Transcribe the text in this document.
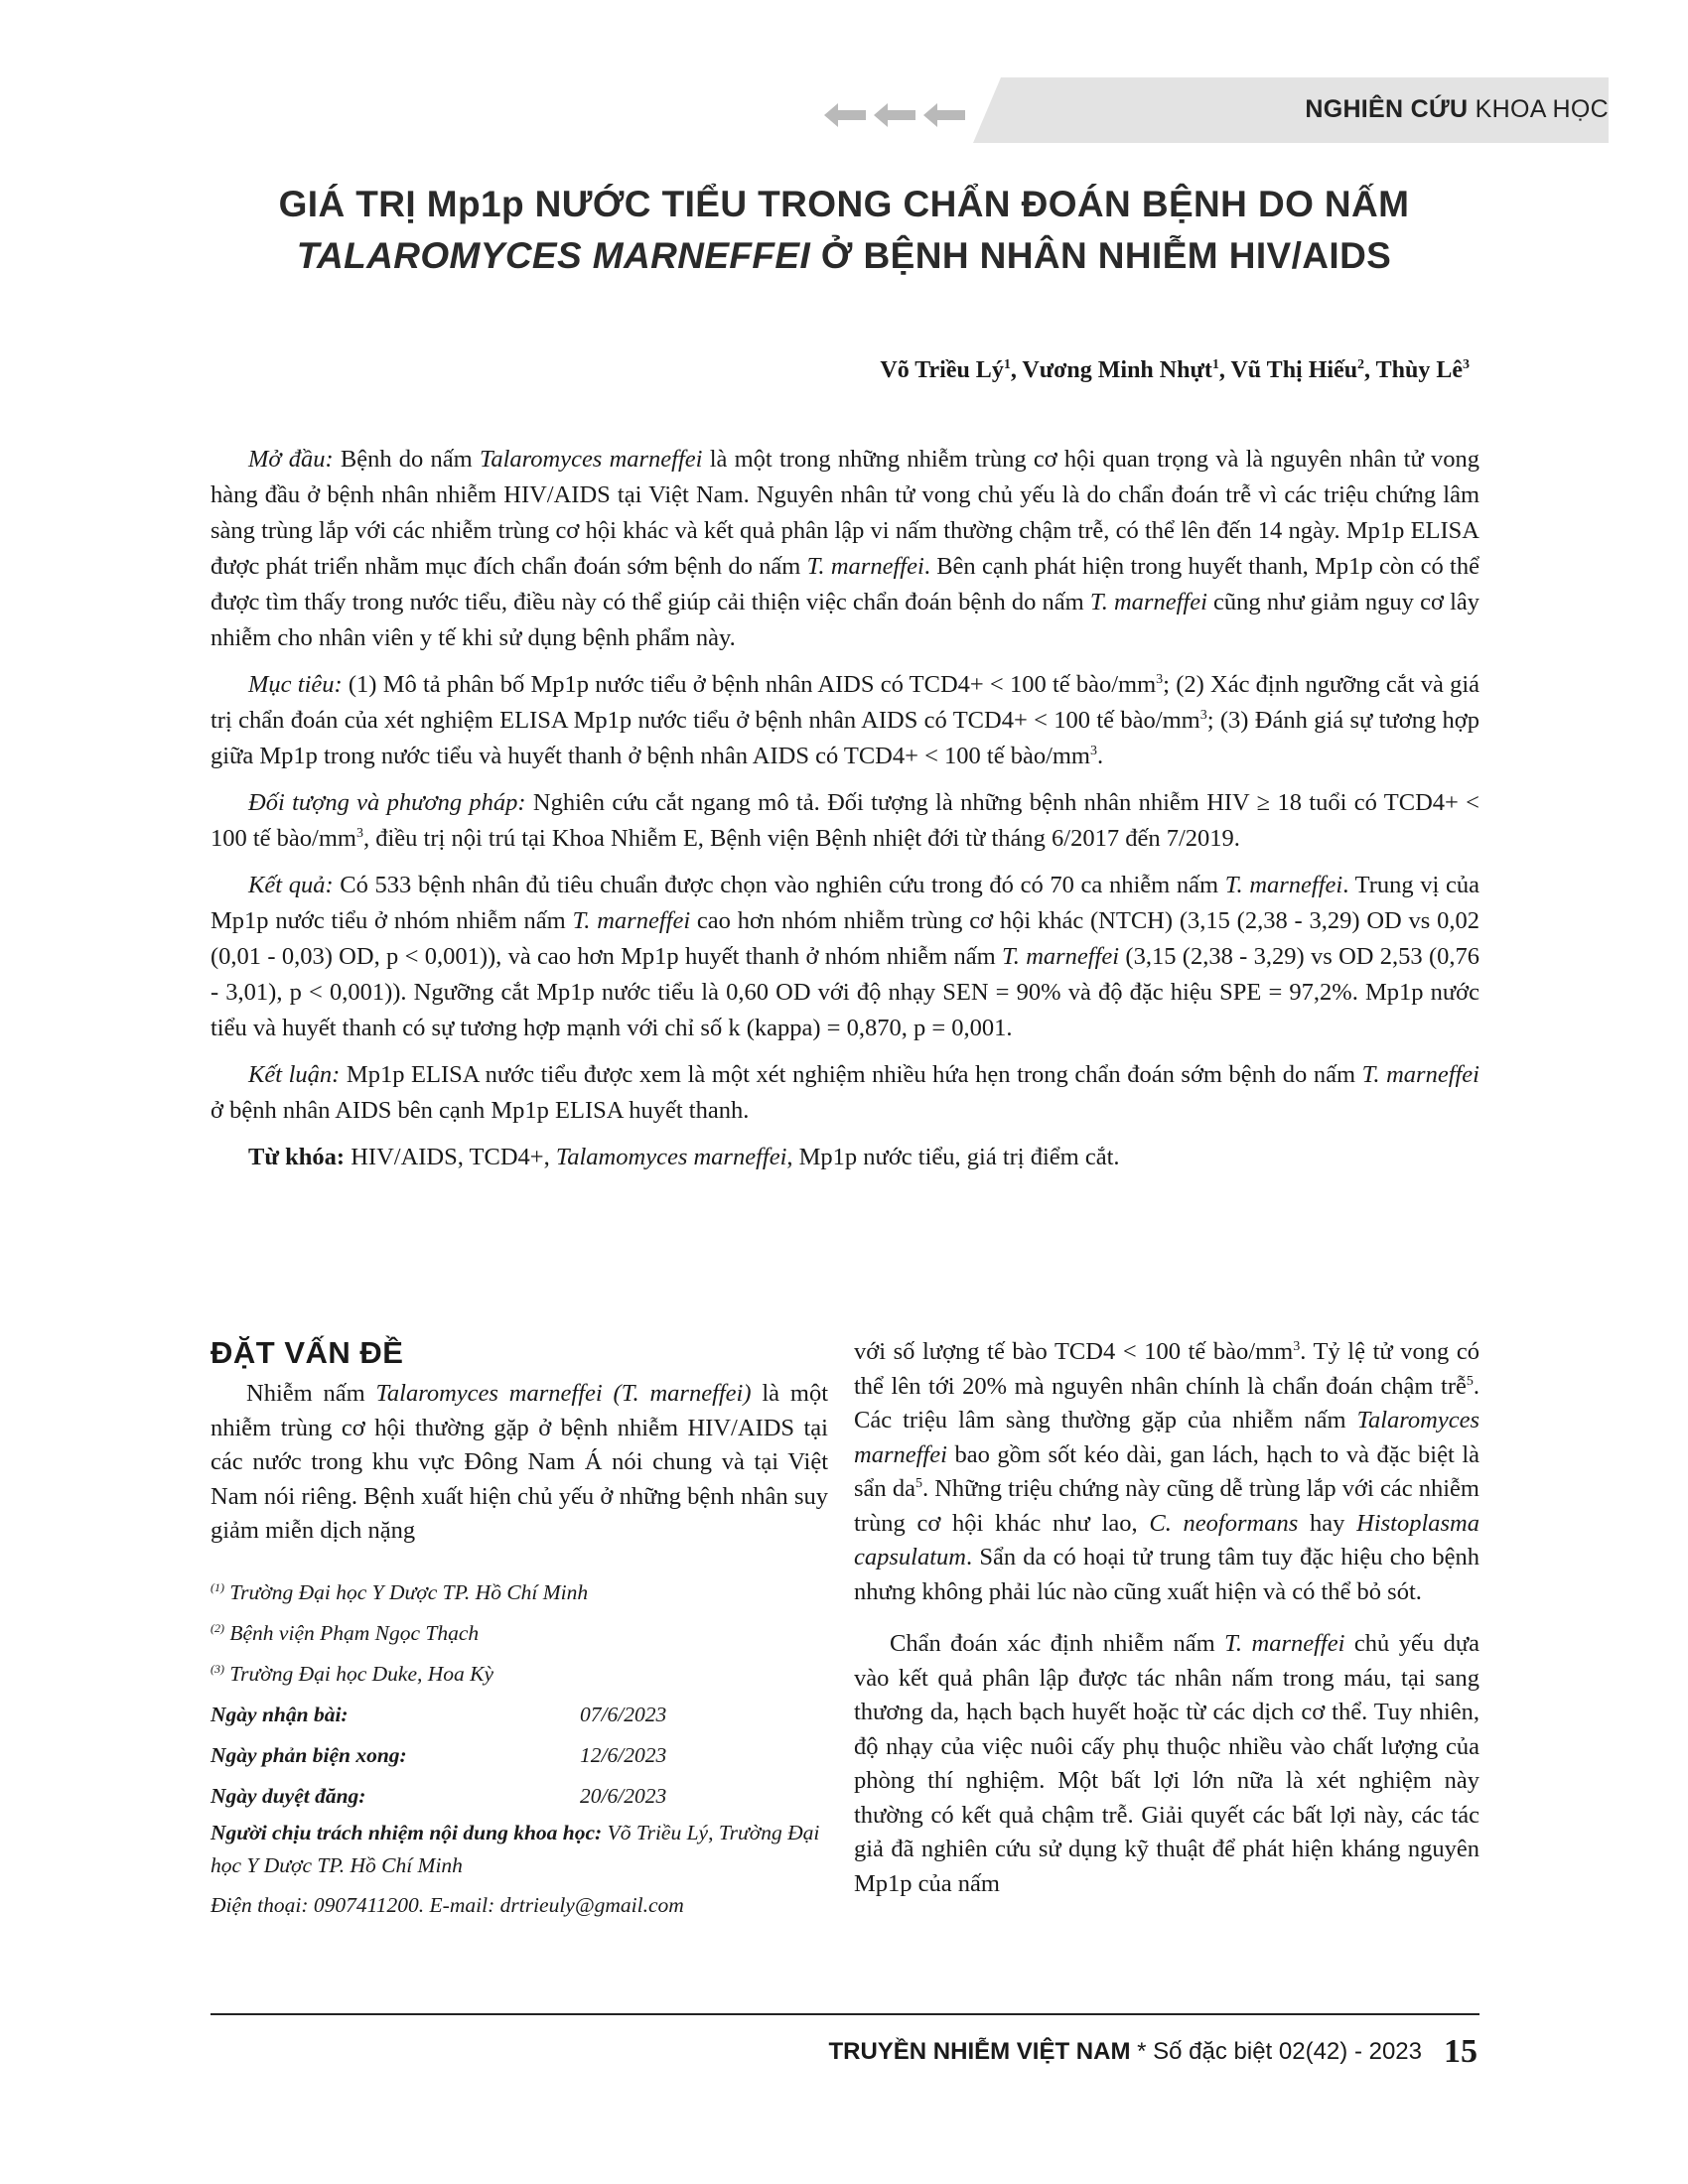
NGHIÊN CỨU KHOA HỌC
GIÁ TRỊ Mp1p NƯỚC TIỂU TRONG CHẨN ĐOÁN BỆNH DO NẤM
TALAROMYCES MARNEFFEI Ở BỆNH NHÂN NHIỄM HIV/AIDS
Võ Triều $Lý^1$, Vương Minh Nhựt$^1$, Vũ Thị Hiếu$^2$, Thùy $Lê^3$

Mở đầu: Bệnh do nấm Talaromyces marneffei là một trong những nhiễm trùng cơ hội quan trọng và là nguyên nhân tử vong hàng đầu ở bệnh nhân nhiễm HIV/AIDS tại Việt Nam. Nguyên nhân tử vong chủ yếu là do chẩn đoán trễ vì các triệu chứng lâm sàng trùng lắp với các nhiễm trùng cơ hội khác và kết quả phân lập vi nấm thường chậm trễ, có thể lên đến 14 ngày. Mp1p ELISA được phát triển nhằm mục đích chẩn đoán sớm bệnh do nấm T. marneffei. Bên cạnh phát hiện trong huyết thanh, Mp1p còn có thể được tìm thấy trong nước tiểu, điều này có thể giúp cải thiện việc chẩn đoán bệnh do nấm T. marneffei cũng như giảm nguy cơ lây nhiễm cho nhân viên y tế khi sử dụng bệnh phẩm này.

Mục tiêu: (1) Mô tả phân bố Mp1p nước tiểu ở bệnh nhân AIDS có TCD4+ < 100 tế bào/$mm^3$; (2) Xác định ngưỡng cắt và giá trị chẩn đoán của xét nghiệm ELISA Mp1p nước tiểu ở bệnh nhân AIDS có TCD4+ < 100 tế bào/$mm^3$; (3) Đánh giá sự tương hợp giữa Mp1p trong nước tiểu và huyết thanh ở bệnh nhân AIDS có TCD4+ < 100 tế bào/$mm^3$.

Đối tượng và phương pháp: Nghiên cứu cắt ngang mô tả. Đối tượng là những bệnh nhân nhiễm HIV ≥ 18 tuổi có TCD4+ < 100 tế bào/$mm^3$, điều trị nội trú tại Khoa Nhiễm E, Bệnh viện Bệnh nhiệt đới từ tháng 6/2017 đến 7/2019.

Kết quả: Có 533 bệnh nhân đủ tiêu chuẩn được chọn vào nghiên cứu trong đó có 70 ca nhiễm nấm T. marneffei. Trung vị của Mp1p nước tiểu ở nhóm nhiễm nấm T. marneffei cao hơn nhóm nhiễm trùng cơ hội khác (NTCH) (3,15 (2,38 - 3,29) OD vs 0,02 (0,01 - 0,03) OD, p < 0,001)), và cao hơn Mp1p huyết thanh ở nhóm nhiễm nấm T. marneffei (3,15 (2,38 - 3,29) vs OD 2,53 (0,76 - 3,01), p < 0,001)). Ngưỡng cắt Mp1p nước tiểu là 0,60 OD với độ nhạy SEN = 90% và độ đặc hiệu SPE = 97,2%. Mp1p nước tiểu và huyết thanh có sự tương hợp mạnh với chỉ số k (kappa) = 0,870, p = 0,001.

Kết luận: Mp1p ELISA nước tiểu được xem là một xét nghiệm nhiều hứa hẹn trong chẩn đoán sớm bệnh do nấm T. marneffei ở bệnh nhân AIDS bên cạnh Mp1p ELISA huyết thanh.

Từ khóa: HIV/AIDS, TCD4+, Talamomyces marneffei, Mp1p nước tiểu, giá trị điểm cắt.

ĐẶT VẤN ĐỀ

Nhiễm nấm Talaromyces marneffei (T. marneffei) là một nhiễm trùng cơ hội thường gặp ở bệnh nhiễm HIV/AIDS tại các nước trong khu vực Đông Nam Á nói chung và tại Việt Nam nói riêng. Bệnh xuất hiện chủ yếu ở những bệnh nhân suy giảm miễn dịch nặng

$^{(1)}$ Trường Đại học Y Dược TP. Hồ Chí Minh
$^{(2)}$ Bệnh viện Phạm Ngọc Thạch
$^{(3)}$ Trường Đại học Duke, Hoa Kỳ
Ngày nhận bài:	07/6/2023
Ngày phản biện xong:	12/6/2023
Ngày duyệt đăng:	20/6/2023
Người chịu trách nhiệm nội dung khoa học: Võ Triều Lý, Trường Đại học Y Dược TP. Hồ Chí Minh
Điện thoại: 0907411200. E-mail: drtrieuly@gmail.com

với số lượng tế bào TCD4 < 100 tế bào/$mm^3$. Tỷ lệ tử vong có thể lên tới 20% mà nguyên nhân chính là chẩn đoán chậm trễ$^5$. Các triệu lâm sàng thường gặp của nhiễm nấm Talaromyces marneffei bao gồm sốt kéo dài, gan lách, hạch to và đặc biệt là sẩn $da^5$. Những triệu chứng này cũng dễ trùng lắp với các nhiễm trùng cơ hội khác như lao, C. neoformans hay Histoplasma capsulatum. Sẩn da có hoại tử trung tâm tuy đặc hiệu cho bệnh nhưng không phải lúc nào cũng xuất hiện và có thể bỏ sót.

Chẩn đoán xác định nhiễm nấm T. marneffei chủ yếu dựa vào kết quả phân lập được tác nhân nấm trong máu, tại sang thương da, hạch bạch huyết hoặc từ các dịch cơ thể. Tuy nhiên, độ nhạy của việc nuôi cấy phụ thuộc nhiều vào chất lượng của phòng thí nghiệm. Một bất lợi lớn nữa là xét nghiệm này thường có kết quả chậm trễ. Giải quyết các bất lợi này, các tác giả đã nghiên cứu sử dụng kỹ thuật để phát hiện kháng nguyên Mp1p của nấm

TRUYỀN NHIỄM VIỆT NAM * Số đặc biệt 02(42) - 2023 15
